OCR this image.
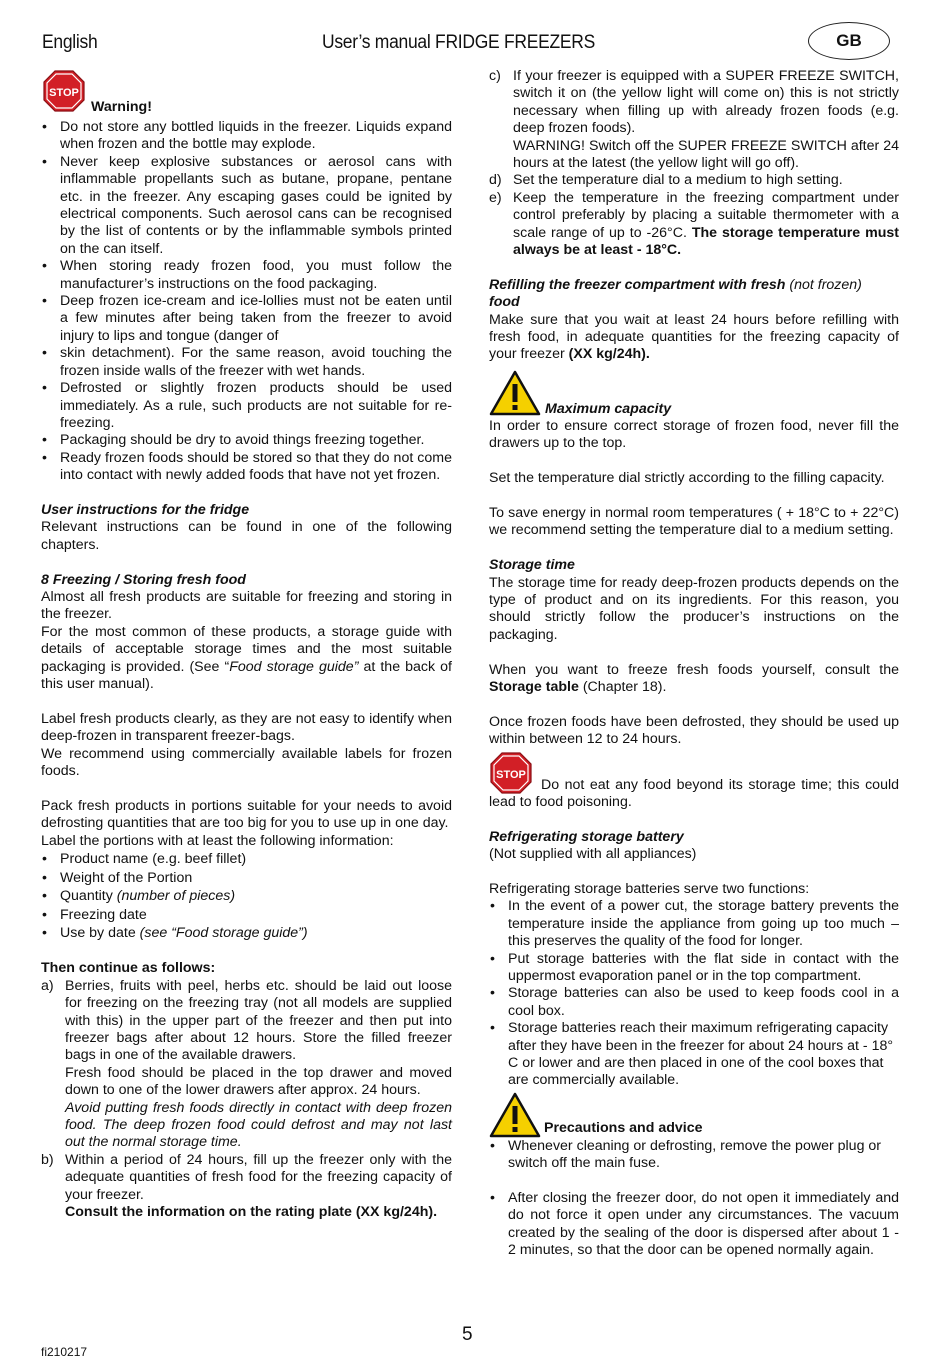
English	User’s manual FRIDGE FREEZERS	GB
STOP
Warning!
• Do not store any bottled liquids in the freezer. Liquids expand when frozen and the bottle may explode.
• Never keep explosive substances or aerosol cans with inflammable propellants such as butane, propane, pentane etc. in the freezer. Any escaping gases could be ignited by electrical components. Such aerosol cans can be recognised by the list of contents or by the inflammable symbols printed on the can itself.
• When storing ready frozen food, you must follow the manufacturer’s instructions on the food packaging.
• Deep frozen ice-cream and ice-lollies must not be eaten until a few minutes after being taken from the freezer to avoid injury to lips and tongue (danger of
• skin detachment). For the same reason, avoid touching the frozen inside walls of the freezer with wet hands.
• Defrosted or slightly frozen products should be used immediately. As a rule, such products are not suitable for re-freezing.
• Packaging should be dry to avoid things freezing together.
• Ready frozen foods should be stored so that they do not come into contact with newly added foods that have not yet frozen.

User instructions for the fridge

Relevant instructions can be found in one of the following chapters.

8 Freezing / Storing fresh food

Almost all fresh products are suitable for freezing and storing in the freezer.

For the most common of these products, a storage guide with details of acceptable storage times and the most suitable packaging is provided. (See “Food storage guide” at the back of this user manual).

Label fresh products clearly, as they are not easy to identify when deep-frozen in transparent freezer-bags.

We recommend using commercially available labels for frozen foods.

Pack fresh products in portions suitable for your needs to avoid defrosting quantities that are too big for you to use up in one day.

Label the portions with at least the following information:

• Product name (e.g. beef fillet)
• Weight of the Portion
• Quantity (number of pieces)
• Freezing date
• Use by date (see “Food storage guide”)

Then continue as follows:

a) Berries, fruits with peel, herbs etc. should be laid out loose for freezing on the freezing tray (not all models are supplied with this) in the upper part of the freezer and then put into freezer bags after about 12 hours. Store the filled freezer bags in one of the available drawers.

Fresh food should be placed in the top drawer and moved down to one of the lower drawers after approx. 24 hours.

Avoid putting fresh foods directly in contact with deep frozen food. The deep frozen food could defrost and may not last out the normal storage time.

b) Within a period of 24 hours, fill up the freezer only with the adequate quantities of fresh food for the freezing capacity of your freezer.

Consult the information on the rating plate (XX kg/24h).

c) If your freezer is equipped with a SUPER FREEZE SWITCH, switch it on (the yellow light will come on) this is not strictly necessary when filling up with already frozen foods (e.g. deep frozen foods).

WARNING! Switch off the SUPER FREEZE SWITCH after 24 hours at the latest (the yellow light will go off).

d) Set the temperature dial to a medium to high setting.

e) Keep the temperature in the freezing compartment under control preferably by placing a suitable thermometer with a scale range of up to -26°C. The storage temperature must always be at least - 18°C.

Refilling the freezer compartment with fresh (not frozen)
food

Make sure that you wait at least 24 hours before refilling with fresh food, in adequate quantities for the freezing capacity of your freezer (XX kg/24h).

Maximum capacity

In order to ensure correct storage of frozen food, never fill the drawers up to the top.

Set the temperature dial strictly according to the filling capacity.

To save energy in normal room temperatures ( + 18°C to + 22°C) we recommend setting the temperature dial to a medium setting.

Storage time

The storage time for ready deep-frozen products depends on the type of product and on its ingredients. For this reason, you should strictly follow the producer’s instructions on the packaging.

When you want to freeze fresh foods yourself, consult the Storage table (Chapter 18).

Once frozen foods have been defrosted, they should be used up within between 12 to 24 hours.

STOP

Do not eat any food beyond its storage time; this could lead to food poisoning.

Refrigerating storage battery

(Not supplied with all appliances)

Refrigerating storage batteries serve two functions:

• In the event of a power cut, the storage battery prevents the temperature inside the appliance from going up too much – this preserves the quality of the food for longer.
• Put storage batteries with the flat side in contact with the uppermost evaporation panel or in the top compartment.
• Storage batteries can also be used to keep foods cool in a cool box.
• Storage batteries reach their maximum refrigerating capacity after they have been in the freezer for about 24 hours at - 18° C or lower and are then placed in one of the cool boxes that are commercially available.
Precautions and advice
• Whenever cleaning or defrosting, remove the power plug or switch off the main fuse.
• After closing the freezer door, do not open it immediately and do not force it open under any circumstances. The vacuum created by the sealing of the door is dispersed after about 1 - 2 minutes, so that the door can be opened normally again.
5
fi210217
